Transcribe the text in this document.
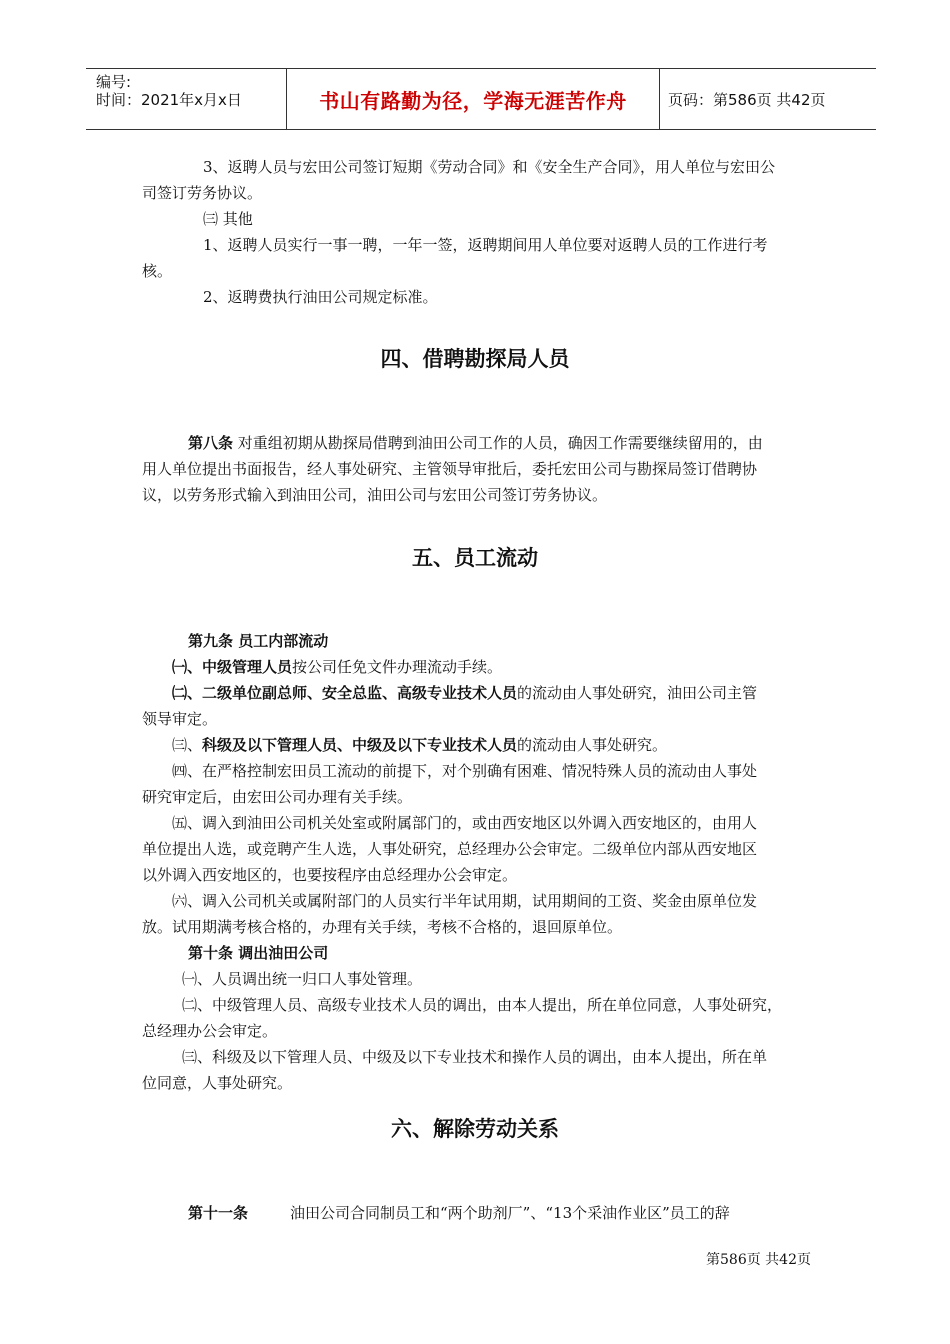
编号:
时间：2021年x月x日	书山有路勤为径，学海无涯苦作舟	页码：第586页 共42页
3、返聘人员与宏田公司签订短期《劳动合同》和《安全生产合同》，用人单位与宏田公
司签订劳务协议。
㈢ 其他
1、返聘人员实行一事一聘，一年一签，返聘期间用人单位要对返聘人员的工作进行考
核。
2、返聘费执行油田公司规定标准。
四、借聘勘探局人员
第八条 对重组初期从勘探局借聘到油田公司工作的人员，确因工作需要继续留用的，由
用人单位提出书面报告，经人事处研究、主管领导审批后，委托宏田公司与勘探局签订借聘协
议，以劳务形式输入到油田公司，油田公司与宏田公司签订劳务协议。
五、员工流动
第九条 员工内部流动
㈠、中级管理人员按公司任免文件办理流动手续。
㈡、二级单位副总师、安全总监、高级专业技术人员的流动由人事处研究，油田公司主管
领导审定。
㈢、科级及以下管理人员、中级及以下专业技术人员的流动由人事处研究。
㈣、在严格控制宏田员工流动的前提下，对个别确有困难、情况特殊人员的流动由人事处
研究审定后，由宏田公司办理有关手续。
㈤、调入到油田公司机关处室或附属部门的，或由西安地区以外调入西安地区的，由用人
单位提出人选，或竞聘产生人选，人事处研究，总经理办公会审定。二级单位内部从西安地区
以外调入西安地区的，也要按程序由总经理办公会审定。
㈥、调入公司机关或属附部门的人员实行半年试用期，试用期间的工资、奖金由原单位发
放。试用期满考核合格的，办理有关手续，考核不合格的，退回原单位。
第十条 调出油田公司
㈠、人员调出统一归口人事处管理。
㈡、中级管理人员、高级专业技术人员的调出，由本人提出，所在单位同意，人事处研究，
总经理办公会审定。
㈢、科级及以下管理人员、中级及以下专业技术和操作人员的调出，由本人提出，所在单
位同意，人事处研究。
六、解除劳动关系
第十一条	油田公司合同制员工和“两个助剂厂”、“13个采油作业区”员工的辞
第586页 共42页
